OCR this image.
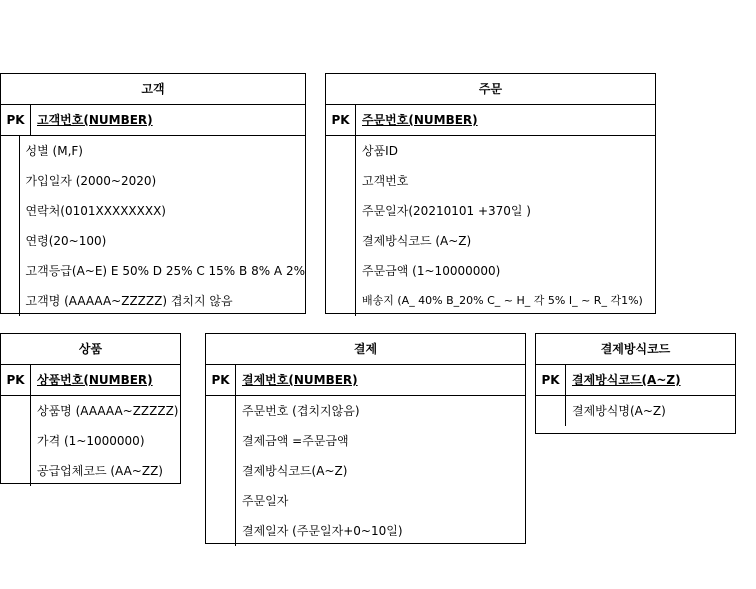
고객
PK	고객번호(NUMBER)
성별 (M,F)
가입일자 (2000~2020)
연락처(0101XXXXXXXX)
연령(20~100)
고객등급(A~E) E 50% D 25% C 15% B 8% A 2%
고객명 (AAAAA~ZZZZZ) 겹치지 않음
주문
PK	주문번호(NUMBER)
상품ID
고객번호
주문일자(20210101 +370일 )
결제방식코드 (A~Z)
주문금액 (1~10000000)
배송지 (A_ 40% B_20% C_ ~ H_ 각 5% I_ ~ R_ 각1%)
상품
PK	상품번호(NUMBER)
상품명 (AAAAA~ZZZZZ)
가격 (1~1000000)
공급업체코드 (AA~ZZ)
결제
PK	결제번호(NUMBER)
주문번호 (겹치지않음)
결제금액 =주문금액
결제방식코드(A~Z)
주문일자
결제일자 (주문일자+0~10일)
결제방식코드
PK	결제방식코드(A~Z)
결제방식명(A~Z)
